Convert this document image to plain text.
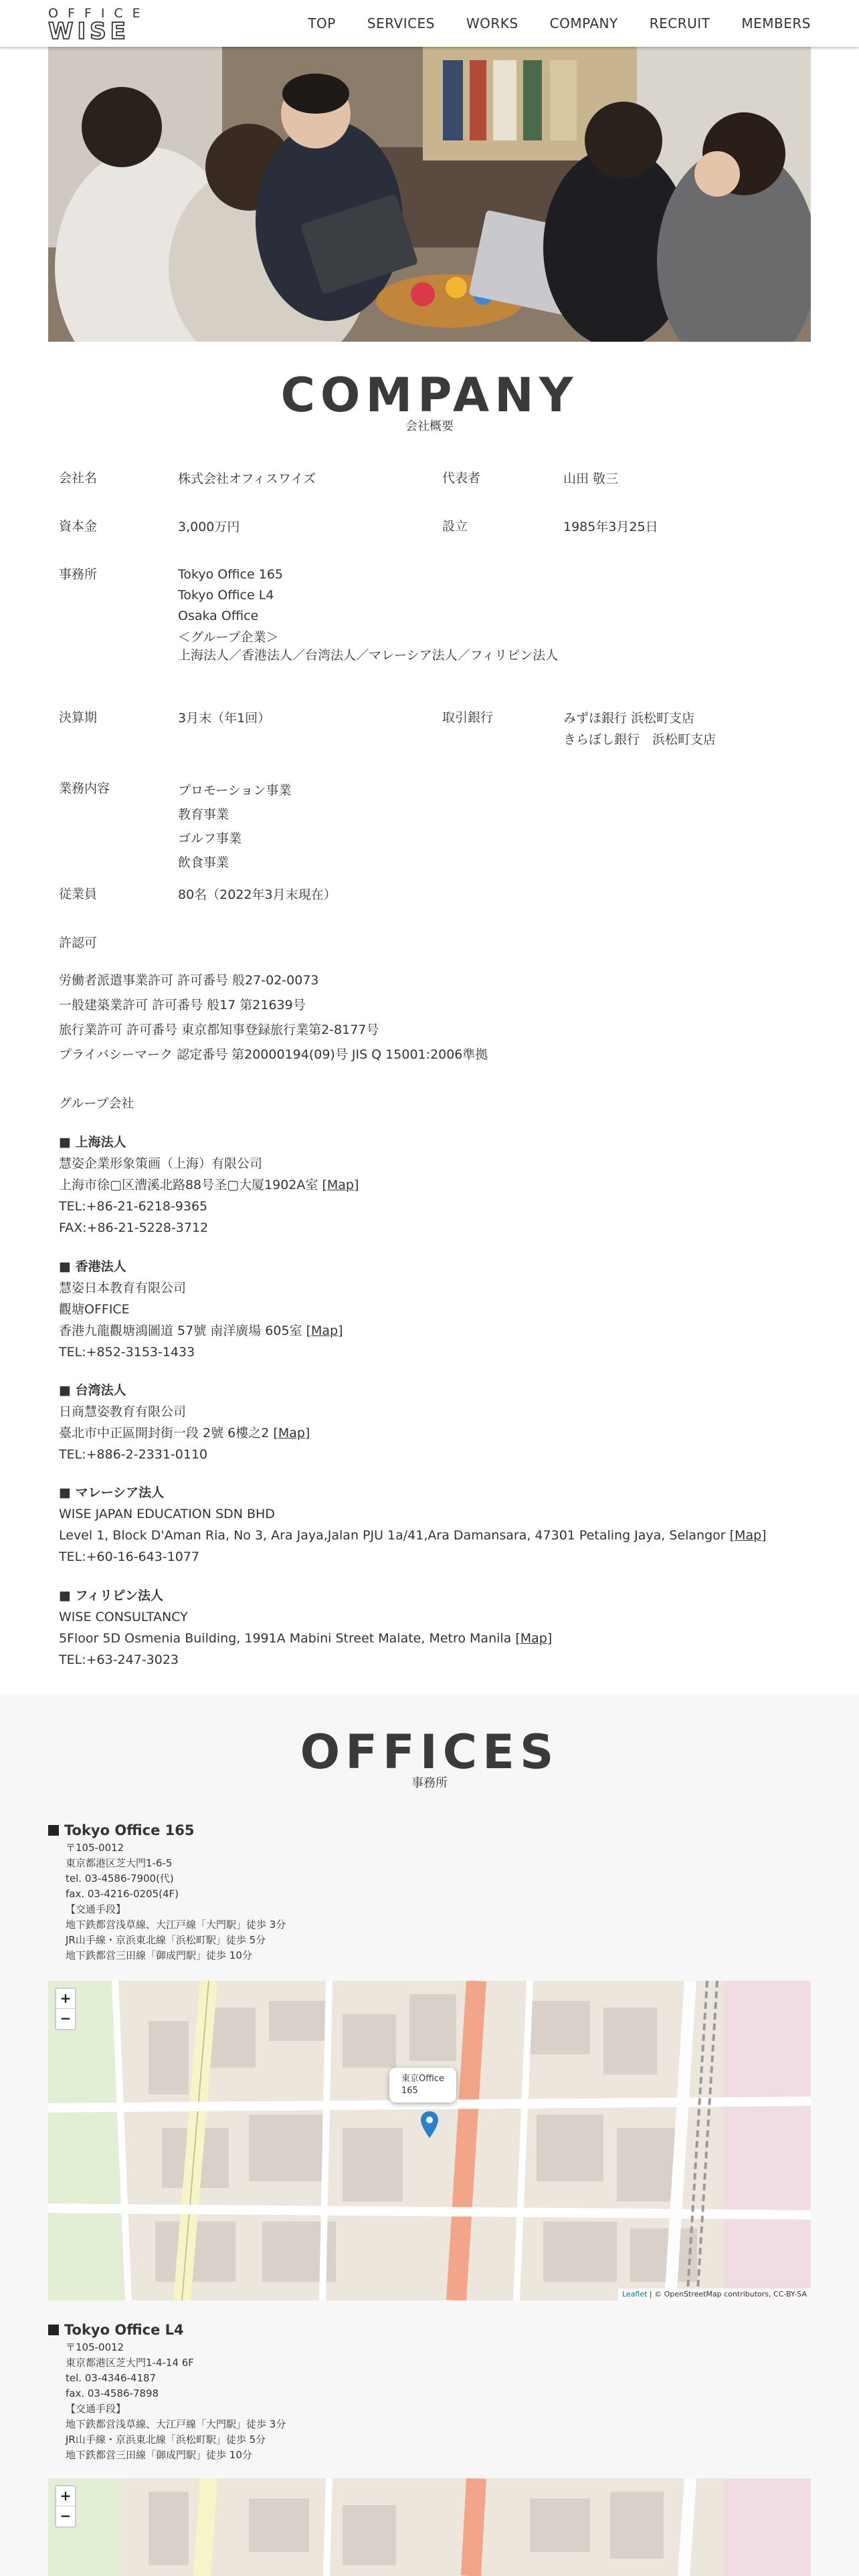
OFFICE
WISE	TOP	SERVICES	WORKS	COMPANY	RECRUIT	MEMBERS
COMPANY
会社概要
会社名	株式会社オフィスワイズ	代表者	山田 敬三
資本金	3,000万円	設立	1985年3月25日
事務所	Tokyo Office 165
Tokyo Office L4
Osaka Office
＜グループ企業＞
上海法人／香港法人／台湾法人／マレーシア法人／フィリピン法人
決算期	3月末（年1回）	取引銀行	みずほ銀行 浜松町支店
きらぼし銀行　浜松町支店
業務内容	プロモーション事業
教育事業
ゴルフ事業
飲食事業
従業員	80名（2022年3月末現在）
許認可
労働者派遣事業許可 許可番号 般27-02-0073
一般建築業許可 許可番号 般17 第21639号
旅行業許可 許可番号 東京都知事登録旅行業第2-8177号
プライバシーマーク 認定番号 第20000194(09)号 JIS Q 15001:2006準拠
グループ会社
■ 上海法人
慧姿企業形象策画（上海）有限公司
上海市徐▢区漕溪北路88号圣▢大厦1902A室 [Map]
TEL:+86-21-6218-9365
FAX:+86-21-5228-3712
■ 香港法人
慧姿日本教育有限公司
觀塘OFFICE
香港九龍觀塘鴻圖道 57號 南洋廣場 605室 [Map]
TEL:+852-3153-1433
■ 台湾法人
日商慧姿教育有限公司
臺北市中正區開封街一段 2號 6樓之2 [Map]
TEL:+886-2-2331-0110
■ マレーシア法人
WISE JAPAN EDUCATION SDN BHD
Level 1, Block D'Aman Ria, No 3, Ara Jaya,Jalan PJU 1a/41,Ara Damansara, 47301 Petaling Jaya, Selangor [Map]
TEL:+60-16-643-1077
■ フィリピン法人
WISE CONSULTANCY
5Floor 5D Osmenia Building, 1991A Mabini Street Malate, Metro Manila [Map]
TEL:+63-247-3023
OFFICES
事務所
Tokyo Office 165
〒105-0012
東京都港区芝大門1-6-5
tel. 03-4586-7900(代)
fax. 03-4216-0205(4F)
【交通手段】
地下鉄都営浅草線、大江戸線「大門駅」徒歩 3分
JR山手線・京浜東北線「浜松町駅」徒歩 5分
地下鉄都営三田線「御成門駅」徒歩 10分
+
−
東京Office
165
Leaflet | © OpenStreetMap contributors, CC-BY-SA
Tokyo Office L4
〒105-0012
東京都港区芝大門1-4-14 6F
tel. 03-4346-4187
fax. 03-4586-7898
【交通手段】
地下鉄都営浅草線、大江戸線「大門駅」徒歩 3分
JR山手線・京浜東北線「浜松町駅」徒歩 5分
地下鉄都営三田線「御成門駅」徒歩 10分
+
−
